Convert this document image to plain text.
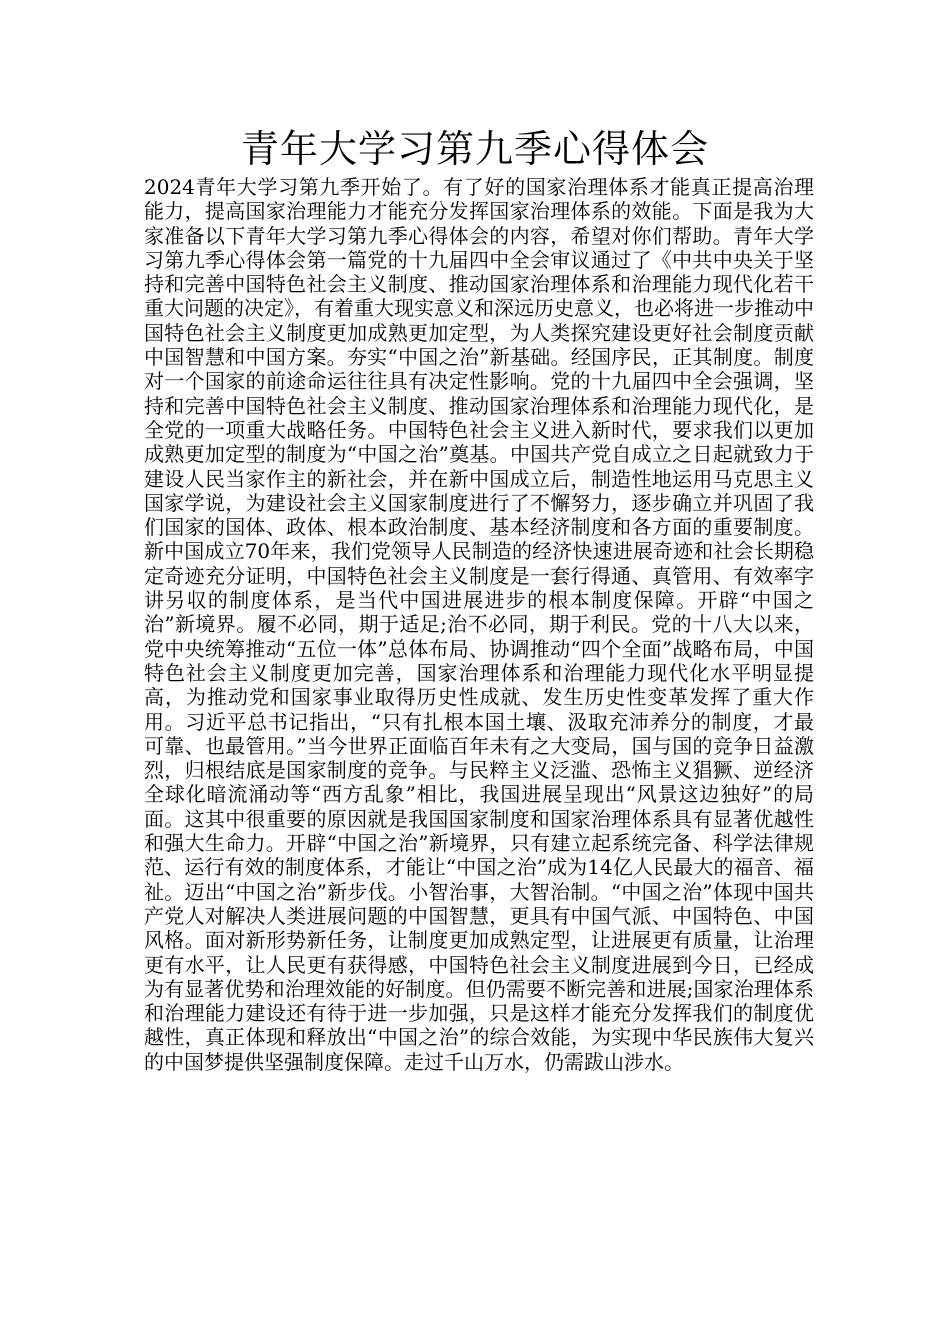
青年大学习第九季心得体会

2024青年大学习第九季开始了。有了好的国家治理体系才能真正提高治理能力，提高国家治理能力才能充分发挥国家治理体系的效能。下面是我为大家准备以下青年大学习第九季心得体会的内容，希望对你们帮助。青年大学习第九季心得体会第一篇党的十九届四中全会审议通过了《中共中央关于坚持和完善中国特色社会主义制度、推动国家治理体系和治理能力现代化若干重大问题的决定》，有着重大现实意义和深远历史意义，也必将进一步推动中国特色社会主义制度更加成熟更加定型，为人类探究建设更好社会制度贡献中国智慧和中国方案。夯实“中国之治”新基础。经国序民，正其制度。制度对一个国家的前途命运往往具有决定性影响。党的十九届四中全会强调，坚持和完善中国特色社会主义制度、推动国家治理体系和治理能力现代化，是全党的一项重大战略任务。中国特色社会主义进入新时代，要求我们以更加成熟更加定型的制度为“中国之治”奠基。中国共产党自成立之日起就致力于建设人民当家作主的新社会，并在新中国成立后，制造性地运用马克思主义国家学说，为建设社会主义国家制度进行了不懈努力，逐步确立并巩固了我们国家的国体、政体、根本政治制度、基本经济制度和各方面的重要制度。新中国成立70年来，我们党领导人民制造的经济快速进展奇迹和社会长期稳定奇迹充分证明，中国特色社会主义制度是一套行得通、真管用、有效率字讲另収的制度体系，是当代中国进展进步的根本制度保障。开辟“中国之治”新境界。履不必同，期于适足;治不必同，期于利民。党的十八大以来，党中央统筹推动“五位一体”总体布局、协调推动“四个全面”战略布局，中国特色社会主义制度更加完善，国家治理体系和治理能力现代化水平明显提高，为推动党和国家事业取得历史性成就、发生历史性变革发挥了重大作用。习近平总书记指出，“只有扎根本国土壤、汲取充沛养分的制度，才最可靠、也最管用。”当今世界正面临百年未有之大变局，国与国的竞争日益激烈，归根结底是国家制度的竞争。与民粹主义泛滥、恐怖主义猖獗、逆经济全球化暗流涌动等“西方乱象”相比，我国进展呈现出“风景这边独好”的局面。这其中很重要的原因就是我国国家制度和国家治理体系具有显著优越性和强大生命力。开辟“中国之治”新境界，只有建立起系统完备、科学法律规范、运行有效的制度体系，才能让“中国之治”成为14亿人民最大的福音、福祉。迈出“中国之治”新步伐。小智治事，大智治制。“中国之治”体现中国共产党人对解决人类进展问题的中国智慧，更具有中国气派、中国特色、中国风格。面对新形势新任务，让制度更加成熟定型，让进展更有质量，让治理更有水平，让人民更有获得感，中国特色社会主义制度进展到今日，已经成为有显著优势和治理效能的好制度。但仍需要不断完善和进展;国家治理体系和治理能力建设还有待于进一步加强，只是这样才能充分发挥我们的制度优越性，真正体现和释放出“中国之治”的综合效能，为实现中华民族伟大复兴的中国梦提供坚强制度保障。走过千山万水，仍需跋山涉水。
